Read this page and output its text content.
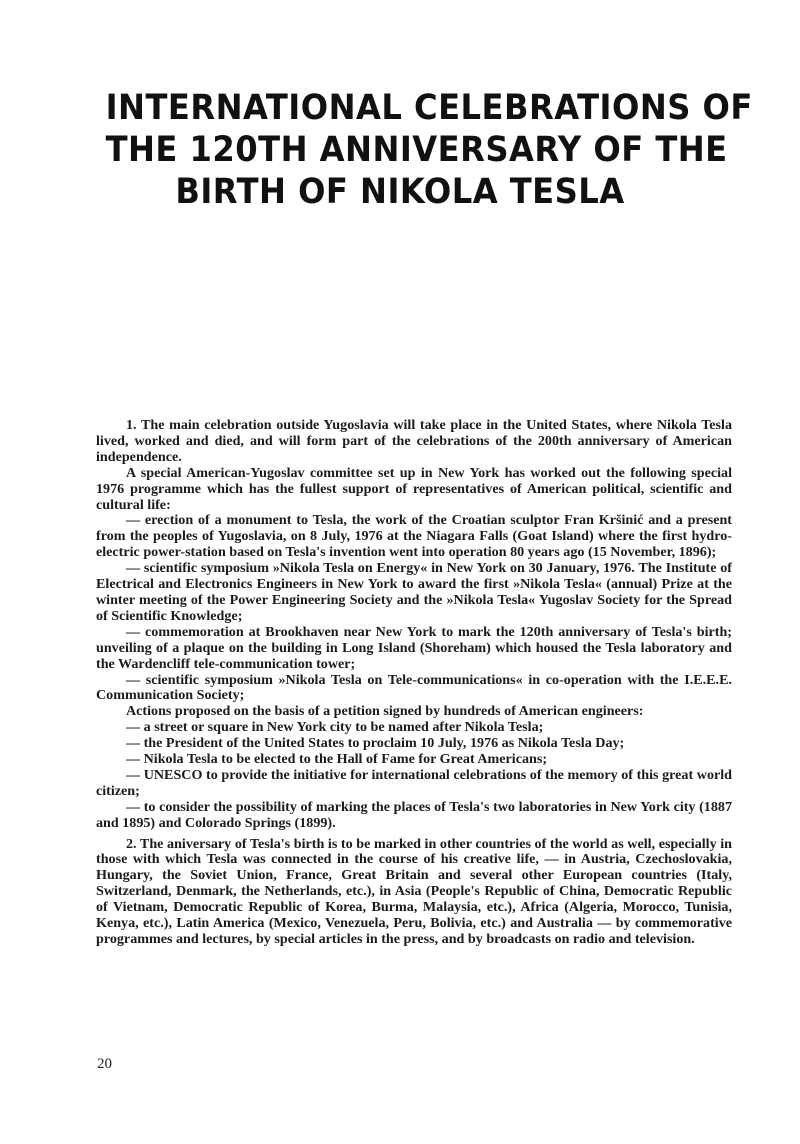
INTERNATIONAL CELEBRATIONS OF
THE 120TH ANNIVERSARY OF THE
BIRTH OF NIKOLA TESLA

1. The main celebration outside Yugoslavia will take place in the United States, where Nikola Tesla lived, worked and died, and will form part of the celebrations of the 200th anniversary of American independence.

A special American-Yugoslav committee set up in New York has worked out the following special 1976 programme which has the fullest support of representatives of American political, scientific and cultural life:

— erection of a monument to Tesla, the work of the Croatian sculptor Fran Kršinić and a present from the peoples of Yugoslavia, on 8 July, 1976 at the Niagara Falls (Goat Island) where the first hydro-electric power-station based on Tesla's invention went into operation 80 years ago (15 November, 1896);

— scientific symposium »Nikola Tesla on Energy« in New York on 30 January, 1976. The Institute of Electrical and Electronics Engineers in New York to award the first »Nikola Tesla« (annual) Prize at the winter meeting of the Power Engineering Society and the »Nikola Tesla« Yugoslav Society for the Spread of Scientific Knowledge;

— commemoration at Brookhaven near New York to mark the 120th anniversary of Tesla's birth; unveiling of a plaque on the building in Long Island (Shoreham) which housed the Tesla laboratory and the Wardencliff tele-communication tower;

— scientific symposium »Nikola Tesla on Tele-communications« in co-operation with the I.E.E.E. Communication Society;

Actions proposed on the basis of a petition signed by hundreds of American engineers:

— a street or square in New York city to be named after Nikola Tesla;

— the President of the United States to proclaim 10 July, 1976 as Nikola Tesla Day;

— Nikola Tesla to be elected to the Hall of Fame for Great Americans;

— UNESCO to provide the initiative for international celebrations of the memory of this great world citizen;

— to consider the possibility of marking the places of Tesla's two laboratories in New York city (1887 and 1895) and Colorado Springs (1899).

2. The aniversary of Tesla's birth is to be marked in other countries of the world as well, especially in those with which Tesla was connected in the course of his creative life, — in Austria, Czechoslovakia, Hungary, the Soviet Union, France, Great Britain and several other European countries (Italy, Switzerland, Denmark, the Netherlands, etc.), in Asia (People's Republic of China, Democratic Republic of Vietnam, Democratic Republic of Korea, Burma, Malaysia, etc.), Africa (Algeria, Morocco, Tunisia, Kenya, etc.), Latin America (Mexico, Venezuela, Peru, Bolivia, etc.) and Australia — by commemorative programmes and lectures, by special articles in the press, and by broadcasts on radio and television.

20
